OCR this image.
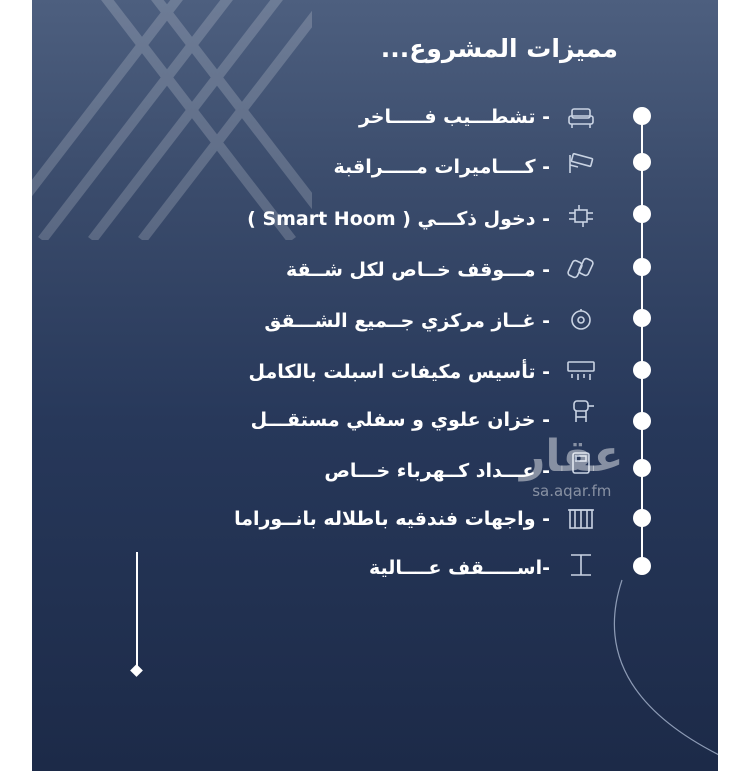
مميزات المشروع...
- تشطـــيب فـــــاخر
- كــــاميرات مـــــراقبة
- دخول ذكـــي ( Smart Hoom )
- مـــوقف خــاص لكل شــقة
- غــاز مركزي جــميع الشـــقق
- تأسيس مكيفات اسبلت بالكامل
- خزان علوي و سفلي مستقـــل
- عـــداد كــهرباء خـــاص
- واجهات فندقيه باطلاله بانــوراما
-اســـــقف عــــالية
عقار
sa.aqar.fm
